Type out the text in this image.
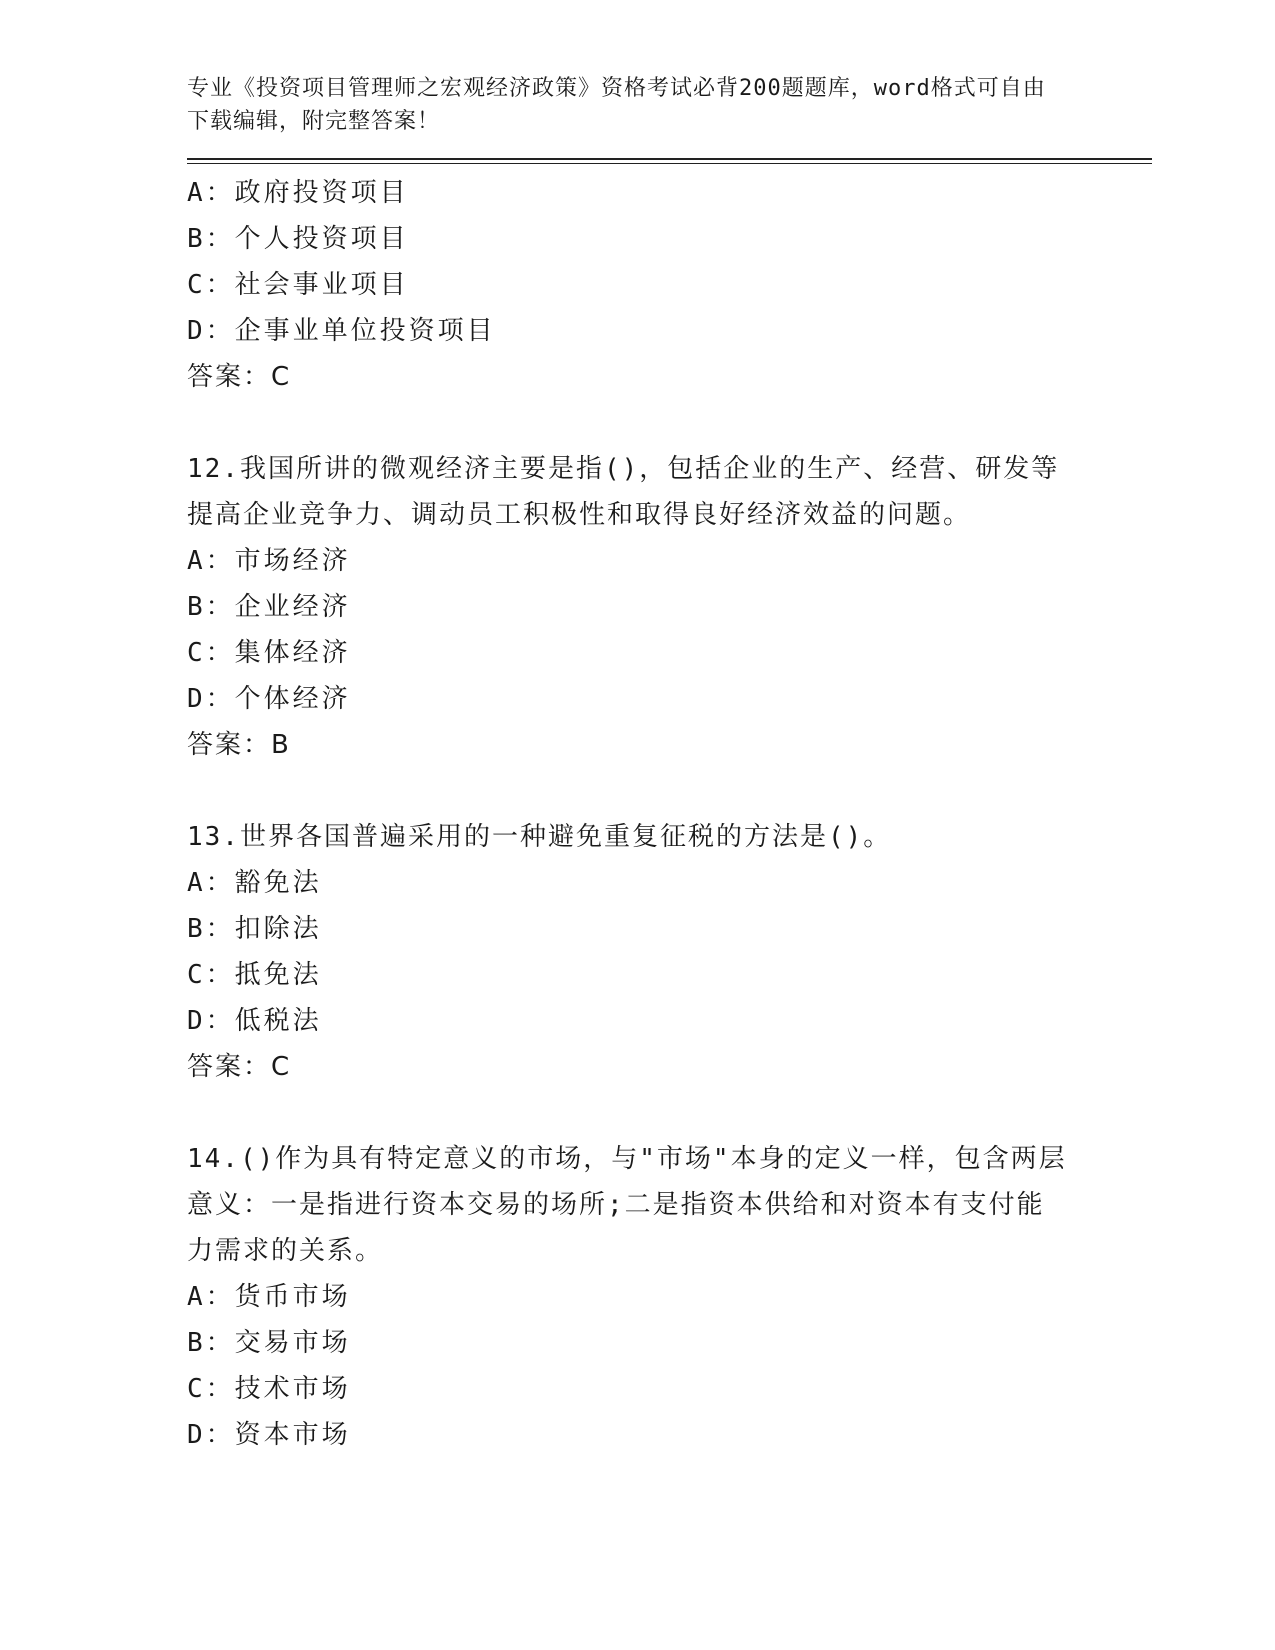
专业《投资项目管理师之宏观经济政策》资格考试必背200题题库，word格式可自由下载编辑，附完整答案！
A：政府投资项目
B：个人投资项目
C：社会事业项目
D：企事业单位投资项目
答案：C
12.我国所讲的微观经济主要是指()，包括企业的生产、经营、研发等提高企业竞争力、调动员工积极性和取得良好经济效益的问题。
A：市场经济
B：企业经济
C：集体经济
D：个体经济
答案：B
13.世界各国普遍采用的一种避免重复征税的方法是()。
A：豁免法
B：扣除法
C：抵免法
D：低税法
答案：C
14.()作为具有特定意义的市场，与"市场"本身的定义一样，包含两层意义：一是指进行资本交易的场所;二是指资本供给和对资本有支付能力需求的关系。
A：货币市场
B：交易市场
C：技术市场
D：资本市场
